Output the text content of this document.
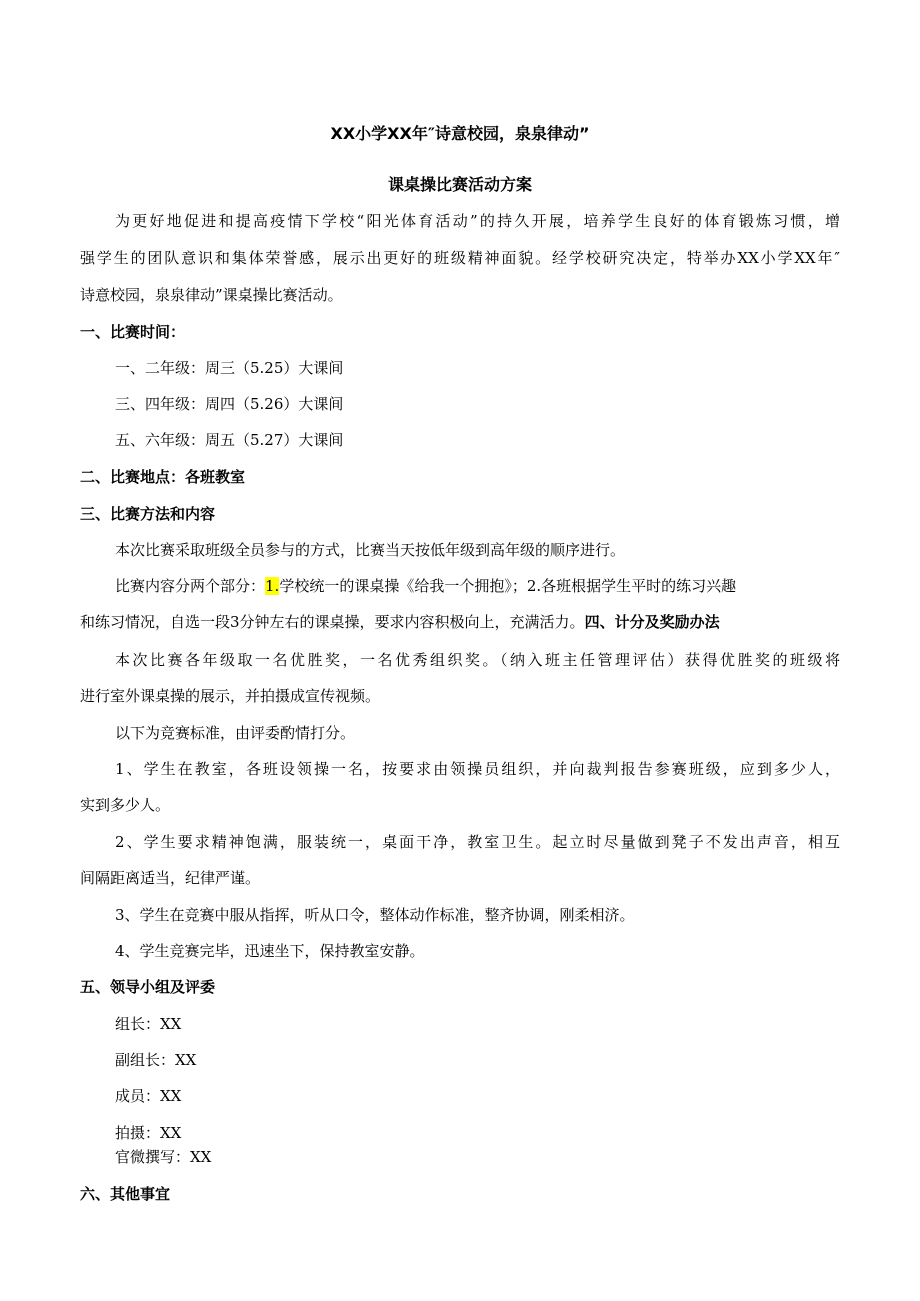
XX小学XX年″诗意校园，泉泉律动”
课桌操比赛活动方案
为更好地促进和提高疫情下学校“阳光体育活动”的持久开展，培养学生良好的体育锻炼习惯，增
强学生的团队意识和集体荣誉感，展示出更好的班级精神面貌。经学校研究决定，特举办XX小学XX年″
诗意校园，泉泉律动”课桌操比赛活动。
一、比赛时间：
一、二年级：周三（5.25）大课间
三、四年级：周四（5.26）大课间
五、六年级：周五（5.27）大课间
二、比赛地点：各班教室
三、比赛方法和内容
本次比赛采取班级全员参与的方式，比赛当天按低年级到高年级的顺序进行。
比赛内容分两个部分：1.学校统一的课桌操《给我一个拥抱》；2.各班根据学生平时的练习兴趣
和练习情况，自选一段3分钟左右的课桌操，要求内容积极向上，充满活力。四、计分及奖励办法
本次比赛各年级取一名优胜奖，一名优秀组织奖。（纳入班主任管理评估）获得优胜奖的班级将
进行室外课桌操的展示，并拍摄成宣传视频。
以下为竞赛标准，由评委酌情打分。
1、学生在教室，各班设领操一名，按要求由领操员组织，并向裁判报告参赛班级，应到多少人，
实到多少人。
2、学生要求精神饱满，服装统一，桌面干净，教室卫生。起立时尽量做到凳子不发出声音，相互
间隔距离适当，纪律严谨。
3、学生在竞赛中服从指挥，听从口令，整体动作标准，整齐协调，刚柔相济。
4、学生竞赛完毕，迅速坐下，保持教室安静。
五、领导小组及评委
组长：XX
副组长：XX
成员：XX
拍摄：XX
官微撰写：XX
六、其他事宜
